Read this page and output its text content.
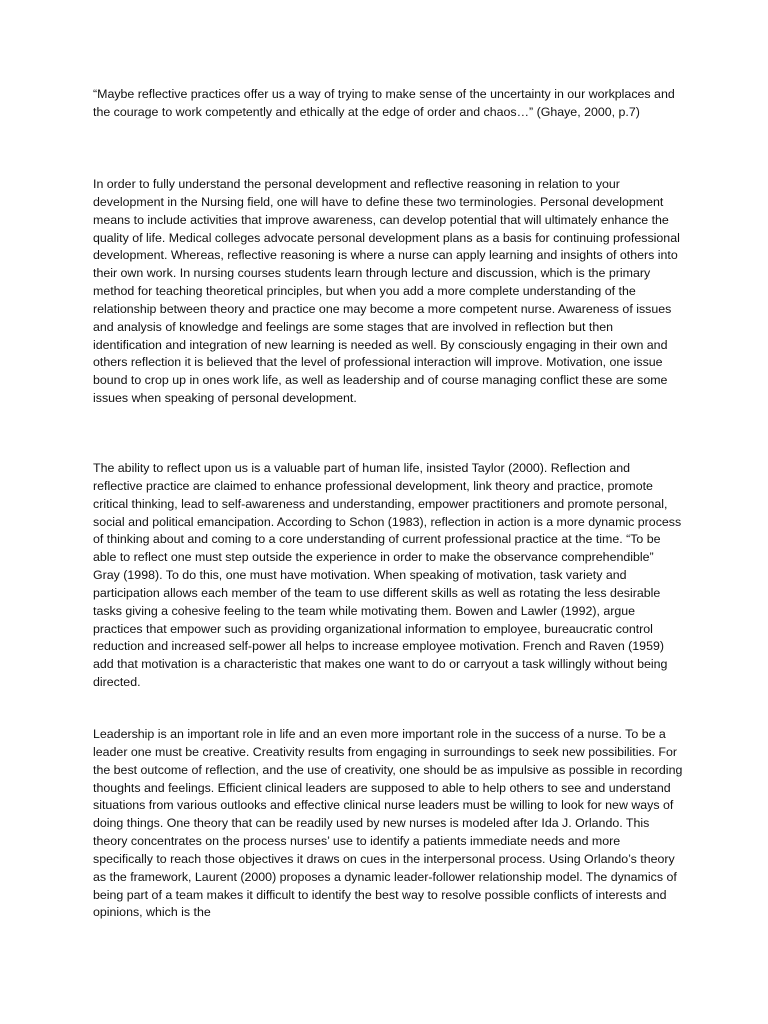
“Maybe reflective practices offer us a way of trying to make sense of the uncertainty in our workplaces and the courage to work competently and ethically at the edge of order and chaos…” (Ghaye, 2000, p.7)

In order to fully understand the personal development and reflective reasoning in relation to your development in the Nursing field, one will have to define these two terminologies. Personal development means to include activities that improve awareness, can develop potential that will ultimately enhance the quality of life. Medical colleges advocate personal development plans as a basis for continuing professional development. Whereas, reflective reasoning is where a nurse can apply learning and insights of others into their own work. In nursing courses students learn through lecture and discussion, which is the primary method for teaching theoretical principles, but when you add a more complete understanding of the relationship between theory and practice one may become a more competent nurse. Awareness of issues and analysis of knowledge and feelings are some stages that are involved in reflection but then identification and integration of new learning is needed as well. By consciously engaging in their own and others reflection it is believed that the level of professional interaction will improve. Motivation, one issue bound to crop up in ones work life, as well as leadership and of course managing conflict these are some issues when speaking of personal development.

The ability to reflect upon us is a valuable part of human life, insisted Taylor (2000). Reflection and reflective practice are claimed to enhance professional development, link theory and practice, promote critical thinking, lead to self-awareness and understanding, empower practitioners and promote personal, social and political emancipation. According to Schon (1983), reflection in action is a more dynamic process of thinking about and coming to a core understanding of current professional practice at the time. “To be able to reflect one must step outside the experience in order to make the observance comprehendible” Gray (1998). To do this, one must have motivation. When speaking of motivation, task variety and participation allows each member of the team to use different skills as well as rotating the less desirable tasks giving a cohesive feeling to the team while motivating them. Bowen and Lawler (1992), argue practices that empower such as providing organizational information to employee, bureaucratic control reduction and increased self-power all helps to increase employee motivation. French and Raven (1959) add that motivation is a characteristic that makes one want to do or carryout a task willingly without being directed.

Leadership is an important role in life and an even more important role in the success of a nurse. To be a leader one must be creative. Creativity results from engaging in surroundings to seek new possibilities. For the best outcome of reflection, and the use of creativity, one should be as impulsive as possible in recording thoughts and feelings. Efficient clinical leaders are supposed to able to help others to see and understand situations from various outlooks and effective clinical nurse leaders must be willing to look for new ways of doing things. One theory that can be readily used by new nurses is modeled after Ida J. Orlando. This theory concentrates on the process nurses’ use to identify a patients immediate needs and more specifically to reach those objectives it draws on cues in the interpersonal process. Using Orlando’s theory as the framework, Laurent (2000) proposes a dynamic leader-follower relationship model. The dynamics of being part of a team makes it difficult to identify the best way to resolve possible conflicts of interests and opinions, which is the
